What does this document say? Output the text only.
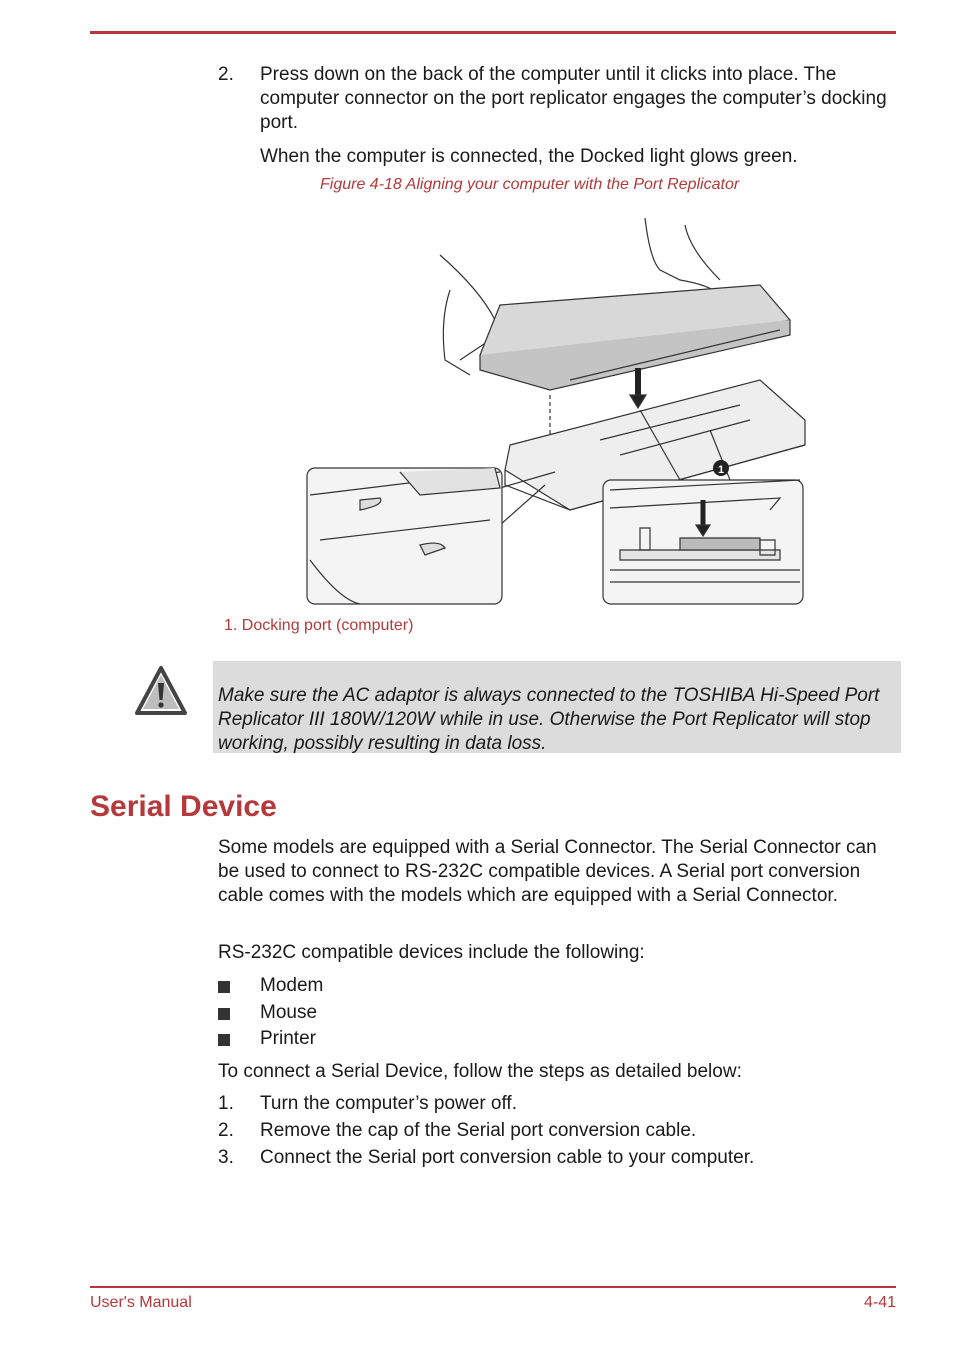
2. Press down on the back of the computer until it clicks into place. The computer connector on the port replicator engages the computer’s docking port.

When the computer is connected, the Docked light glows green.

Figure 4-18 Aligning your computer with the Port Replicator
1
1. Docking port (computer)

Make sure the AC adaptor is always connected to the TOSHIBA Hi-Speed Port Replicator III 180W/120W while in use. Otherwise the Port Replicator will stop working, possibly resulting in data loss.

Serial Device

Some models are equipped with a Serial Connector. The Serial Connector can be used to connect to RS-232C compatible devices. A Serial port conversion cable comes with the models which are equipped with a Serial Connector.

RS-232C compatible devices include the following:

Modem
Mouse
Printer

To connect a Serial Device, follow the steps as detailed below:

1. Turn the computer’s power off.
2. Remove the cap of the Serial port conversion cable.
3. Connect the Serial port conversion cable to your computer.
User's Manual	4-41
